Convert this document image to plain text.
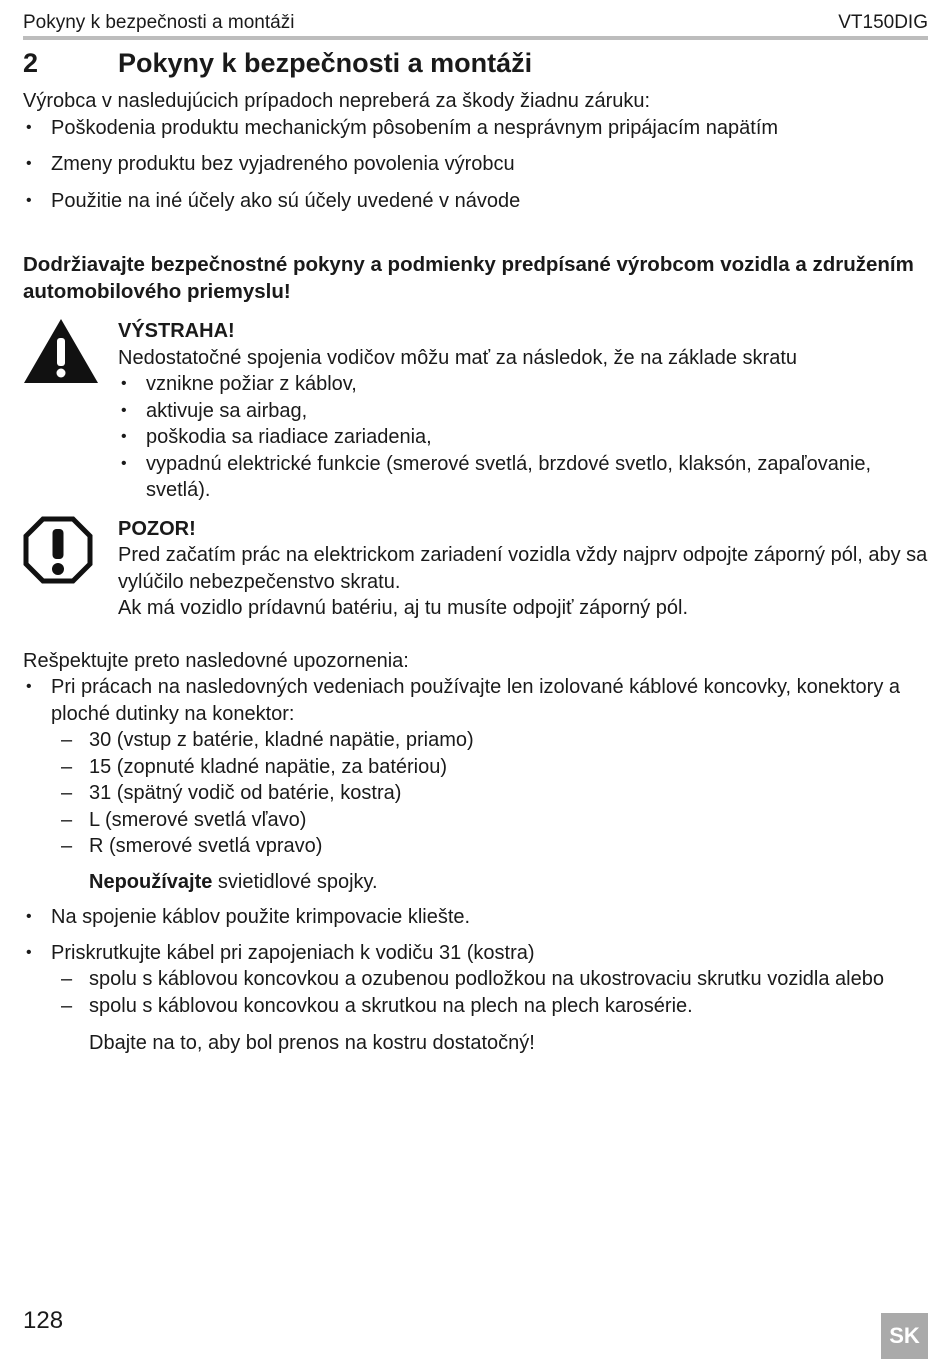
Pokyny k bezpečnosti a montáži	VT150DIG
2	Pokyny k bezpečnosti a montáži

Výrobca v nasledujúcich prípadoch nepreberá za škody žiadnu záruku:

• Poškodenia produktu mechanickým pôsobením a nesprávnym pripájacím napätím
• Zmeny produktu bez vyjadreného povolenia výrobcu
• Použitie na iné účely ako sú účely uvedené v návode

Dodržiavajte bezpečnostné pokyny a podmienky predpísané výrobcom vozidla a združením automobilového priemyslu!

VÝSTRAHA!
Nedostatočné spojenia vodičov môžu mať za následok, že na základe skratu
• vznikne požiar z káblov,
• aktivuje sa airbag,
• poškodia sa riadiace zariadenia,
• vypadnú elektrické funkcie (smerové svetlá, brzdové svetlo, klaksón, zapaľovanie, svetlá).
POZOR!
Pred začatím prác na elektrickom zariadení vozidla vždy najprv odpojte záporný pól, aby sa vylúčilo nebezpečenstvo skratu.
Ak má vozidlo prídavnú batériu, aj tu musíte odpojiť záporný pól.

Rešpektujte preto nasledovné upozornenia:

• Pri prácach na nasledovných vedeniach používajte len izolované káblové koncovky, konektory a ploché dutinky na konektor:
– 30 (vstup z batérie, kladné napätie, priamo)
– 15 (zopnuté kladné napätie, za batériou)
– 31 (spätný vodič od batérie, kostra)
– L (smerové svetlá vľavo)
– R (smerové svetlá vpravo)
Nepoužívajte svietidlové spojky.
• Na spojenie káblov použite krimpovacie kliešte.
• Priskrutkujte kábel pri zapojeniach k vodiču 31 (kostra)
– spolu s káblovou koncovkou a ozubenou podložkou na ukostrovaciu skrutku vozidla alebo
– spolu s káblovou koncovkou a skrutkou na plech na plech karosérie.
Dbajte na to, aby bol prenos na kostru dostatočný!
128
SK
